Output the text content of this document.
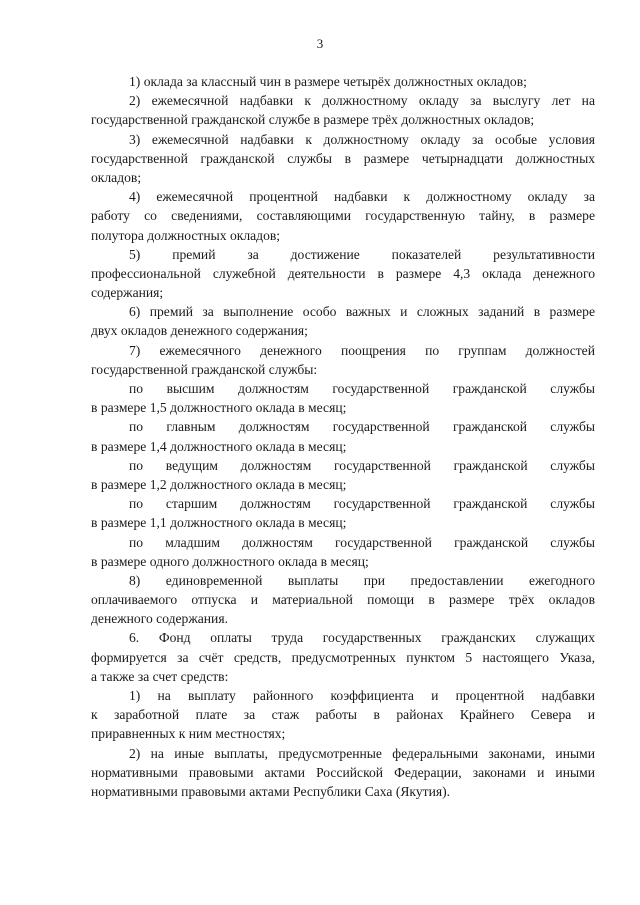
3
1) оклада за классный чин в размере четырёх должностных окладов;
2) ежемесячной надбавки к должностному окладу за выслугу лет на
государственной гражданской службе в размере трёх должностных окладов;
3) ежемесячной надбавки к должностному окладу за особые условия
государственной гражданской службы в размере четырнадцати должностных
окладов;
4) ежемесячной процентной надбавки к должностному окладу за
работу со сведениями, составляющими государственную тайну, в размере
полутора должностных окладов;
5) премий за достижение показателей результативности
профессиональной служебной деятельности в размере 4,3 оклада денежного
содержания;
6) премий за выполнение особо важных и сложных заданий в размере
двух окладов денежного содержания;
7) ежемесячного денежного поощрения по группам должностей
государственной гражданской службы:
по высшим должностям государственной гражданской службы
в размере 1,5 должностного оклада в месяц;
по главным должностям государственной гражданской службы
в размере 1,4 должностного оклада в месяц;
по ведущим должностям государственной гражданской службы
в размере 1,2 должностного оклада в месяц;
по старшим должностям государственной гражданской службы
в размере 1,1 должностного оклада в месяц;
по младшим должностям государственной гражданской службы
в размере одного должностного оклада в месяц;
8) единовременной выплаты при предоставлении ежегодного
оплачиваемого отпуска и материальной помощи в размере трёх окладов
денежного содержания.
6. Фонд оплаты труда государственных гражданских служащих
формируется за счёт средств, предусмотренных пунктом 5 настоящего Указа,
а также за счет средств:
1) на выплату районного коэффициента и процентной надбавки
к заработной плате за стаж работы в районах Крайнего Севера и
приравненных к ним местностях;
2) на иные выплаты, предусмотренные федеральными законами, иными
нормативными правовыми актами Российской Федерации, законами и иными
нормативными правовыми актами Республики Саха (Якутия).
